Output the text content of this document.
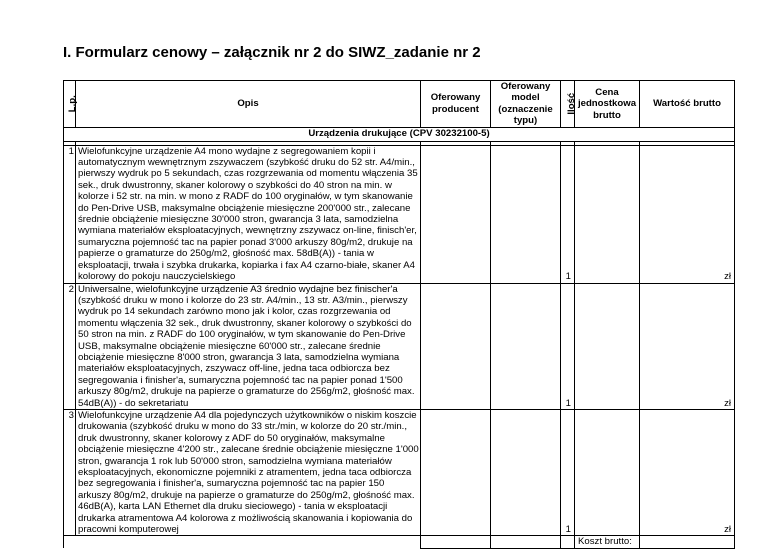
I. Formularz cenowy – załącznik nr 2 do SIWZ_zadanie nr 2
L.p.	Opis	Oferowany producent	Oferowany model (oznaczenie typu)	Ilość	Cena jednostkowa brutto	Wartość brutto
Urządzenia drukujące (CPV 30232100-5)						

1	Wielofunkcyjne urządzenie A4 mono wydajne z segregowaniem kopii i automatycznym wewnętrznym zszywaczem (szybkość druku do 52 str. A4/min., pierwszy wydruk po 5 sekundach, czas rozgrzewania od momentu włączenia 35 sek., druk dwustronny, skaner kolorowy o szybkości do 40 stron na min. w kolorze i 52 str. na min. w mono z RADF do 100 oryginałów, w tym skanowanie do Pen-Drive USB, maksymalne obciążenie miesięczne 200'000 str., zalecane średnie obciążenie miesięczne 30'000 stron, gwarancja 3 lata, samodzielna wymiana materiałów eksploatacyjnych, wewnętrzny zszywacz on-line, finisch'er, sumaryczna pojemność tac na papier ponad 3'000 arkuszy 80g/m2, drukuje na papierze o gramaturze do 250g/m2, głośność max. 58dB(A)) - tania w eksploatacji, trwała i szybka drukarka, kopiarka i fax A4 czarno-białe, skaner A4 kolorowy do pokoju nauczycielskiego			1		zł
2	Uniwersalne, wielofunkcyjne urządzenie A3 średnio wydajne bez finischer'a (szybkość druku w mono i kolorze do 23 str. A4/min., 13 str. A3/min., pierwszy wydruk po 14 sekundach zarówno mono jak i kolor, czas rozgrzewania od momentu włączenia 32 sek., druk dwustronny, skaner kolorowy o szybkości do 50 stron na min. z RADF do 100 oryginałów, w tym skanowanie do Pen-Drive USB, maksymalne obciążenie miesięczne 60'000 str., zalecane średnie obciążenie miesięczne 8'000 stron, gwarancja 3 lata, samodzielna wymiana materiałów eksploatacyjnych, zszywacz off-line, jedna taca odbiorcza bez segregowania i finisher'a, sumaryczna pojemność tac na papier ponad 1'500 arkuszy 80g/m2, drukuje na papierze o gramaturze do 256g/m2, głośność max. 54dB(A)) - do sekretariatu			1		zł
3	Wielofunkcyjne urządzenie A4 dla pojedynczych użytkowników o niskim koszcie drukowania (szybkość druku w mono do 33 str./min, w kolorze do 20 str./min., druk dwustronny, skaner kolorowy z ADF do 50 oryginałów, maksymalne obciążenie miesięczne 4'200 str., zalecane średnie obciążenie miesięczne 1'000 stron, gwarancja 1 rok lub 50'000 stron, samodzielna wymiana materiałów eksploatacyjnych, ekonomiczne pojemniki z atramentem, jedna taca odbiorcza bez segregowania i finisher'a, sumaryczna pojemność tac na papier 150 arkuszy 80g/m2, drukuje na papierze o gramaturze do 250g/m2, głośność max. 46dB(A), karta LAN Ethernet dla druku sieciowego) - tania w eksploatacji drukarka atramentowa A4 kolorowa z możliwością skanowania i kopiowania do pracowni komputerowej			1		zł
					Koszt brutto:	
